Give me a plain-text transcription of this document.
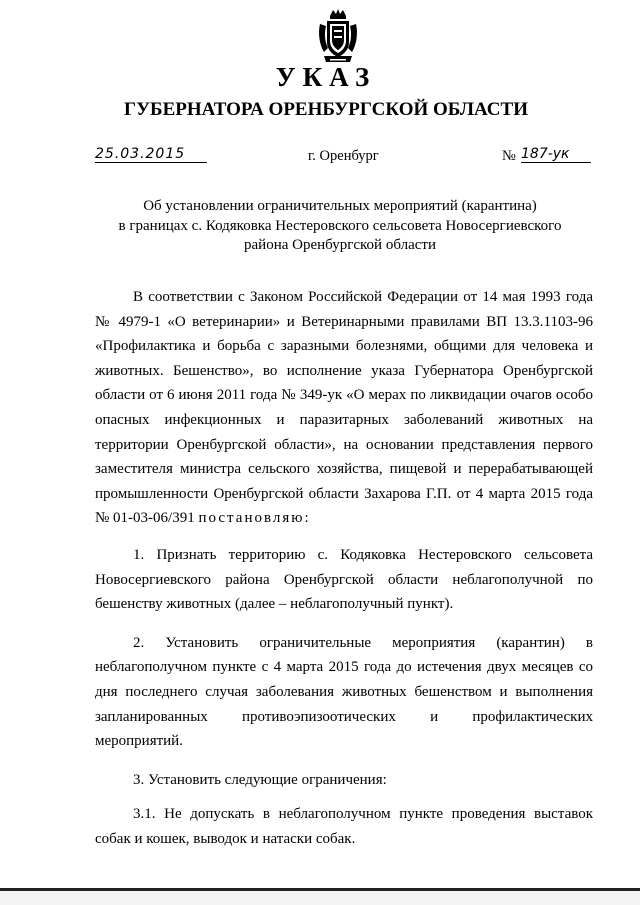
УКАЗ
ГУБЕРНАТОРА ОРЕНБУРГСКОЙ ОБЛАСТИ
25.03.2015	г. Оренбург	№ 187-ук
Об установлении ограничительных мероприятий (карантина)
в границах с. Кодяковка Нестеровского сельсовета Новосергиевского
района Оренбургской области

В соответствии с Законом Российской Федерации от 14 мая 1993 года № 4979-1 «О ветеринарии» и Ветеринарными правилами ВП 13.3.1103-96 «Профилактика и борьба с заразными болезнями, общими для человека и животных. Бешенство», во исполнение указа Губернатора Оренбургской области от 6 июня 2011 года № 349-ук «О мерах по ликвидации очагов особо опасных инфекционных и паразитарных заболеваний животных на территории Оренбургской области», на основании представления первого заместителя министра сельского хозяйства, пищевой и перерабатывающей промышленности Оренбургской области Захарова Г.П. от 4 марта 2015 года № 01-03-06/391 постановляю:

1. Признать территорию с. Кодяковка Нестеровского сельсовета Новосергиевского района Оренбургской области неблагополучной по бешенству животных (далее – неблагополучный пункт).

2. Установить ограничительные мероприятия (карантин) в неблагополучном пункте с 4 марта 2015 года до истечения двух месяцев со дня последнего случая заболевания животных бешенством и выполнения запланированных противоэпизоотических и профилактических мероприятий.

3. Установить следующие ограничения:

3.1. Не допускать в неблагополучном пункте проведения выставок собак и кошек, выводок и натаски собак.
